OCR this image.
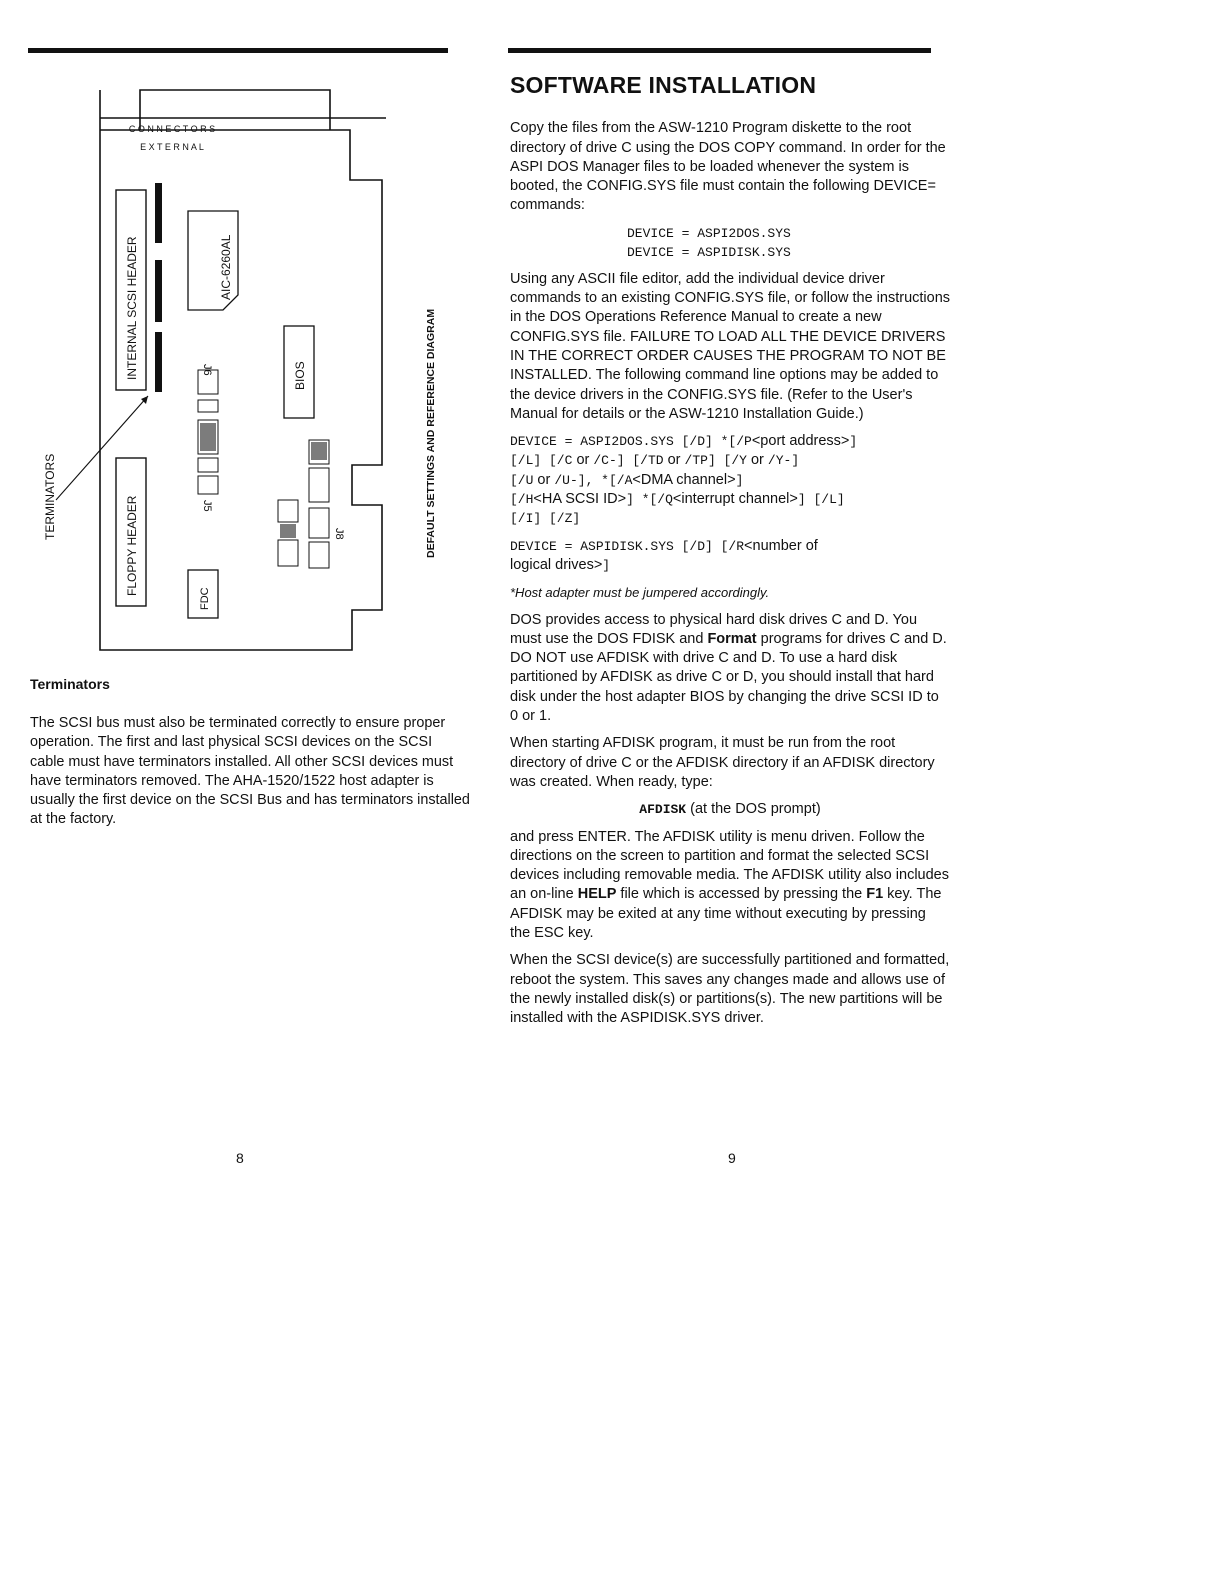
C O N N E C T O R S
E X T E R N A L
INTERNAL SCSI HEADER	AIC-6260AL
BIOS
J6
J5
J8
FLOPPY HEADER
FDC
TERMINATORS	DEFAULT SETTINGS AND REFERENCE DIAGRAM
Terminators

The SCSI bus must also be terminated correctly to ensure proper operation. The first and last physical SCSI devices on the SCSI cable must have terminators installed. All other SCSI devices must have terminators removed. The AHA-1520/1522 host adapter is usually the first device on the SCSI Bus and has terminators installed at the factory.

8
SOFTWARE INSTALLATION

Copy the files from the ASW-1210 Program diskette to the root directory of drive C using the DOS COPY command. In order for the ASPI DOS Manager files to be loaded whenever the system is booted, the CONFIG.SYS file must contain the following DEVICE= commands:

DEVICE = ASPI2DOS.SYS
DEVICE = ASPIDISK.SYS

Using any ASCII file editor, add the individual device driver commands to an existing CONFIG.SYS file, or follow the instructions in the DOS Operations Reference Manual to create a new CONFIG.SYS file. FAILURE TO LOAD ALL THE DEVICE DRIVERS IN THE CORRECT ORDER CAUSES THE PROGRAM TO NOT BE INSTALLED. The following command line options may be added to the device drivers in the CONFIG.SYS file. (Refer to the User's Manual for details or the ASW-1210 Installation Guide.)

DEVICE = ASPI2DOS.SYS [/D] *[/P<port address>]
[/L] [/C or /C-] [/TD or /TP] [/Y or /Y-]
[/U or /U-], *[/A<DMA channel>]
[/H<HA SCSI ID>] *[/Q<interrupt channel>] [/L]
[/I] [/Z]
DEVICE = ASPIDISK.SYS [/D] [/R<number of
logical drives>]

*Host adapter must be jumpered accordingly.

DOS provides access to physical hard disk drives C and D. You must use the DOS FDISK and Format programs for drives C and D. DO NOT use AFDISK with drive C and D. To use a hard disk partitioned by AFDISK as drive C or D, you should install that hard disk under the host adapter BIOS by changing the drive SCSI ID to 0 or 1.

When starting AFDISK program, it must be run from the root directory of drive C or the AFDISK directory if an AFDISK directory was created. When ready, type:

AFDISK (at the DOS prompt)

and press ENTER. The AFDISK utility is menu driven. Follow the directions on the screen to partition and format the selected SCSI devices including removable media. The AFDISK utility also includes an on-line HELP file which is accessed by pressing the F1 key. The AFDISK may be exited at any time without executing by pressing the ESC key.

When the SCSI device(s) are successfully partitioned and formatted, reboot the system. This saves any changes made and allows use of the newly installed disk(s) or partitions(s). The new partitions will be installed with the ASPIDISK.SYS driver.

9
